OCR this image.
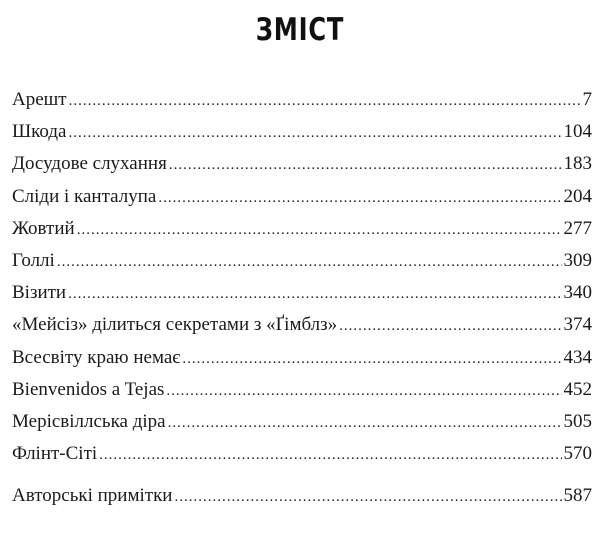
ЗМІСТ
Арешт .....	7
Шкода .....	104
Досудове слухання .....	183
Сліди і канталупа .....	204
Жовтий .....	277
Голлі .....	309
Візити .....	340
«Мейсіз» ділиться секретами з «Ґімблз» .....	374
Всесвіту краю немає .....	434
Bienvenidos a Tejas .....	452
Мерісвіллська діра .....	505
Флінт-Сіті .....	570
Авторські примітки .....	587
